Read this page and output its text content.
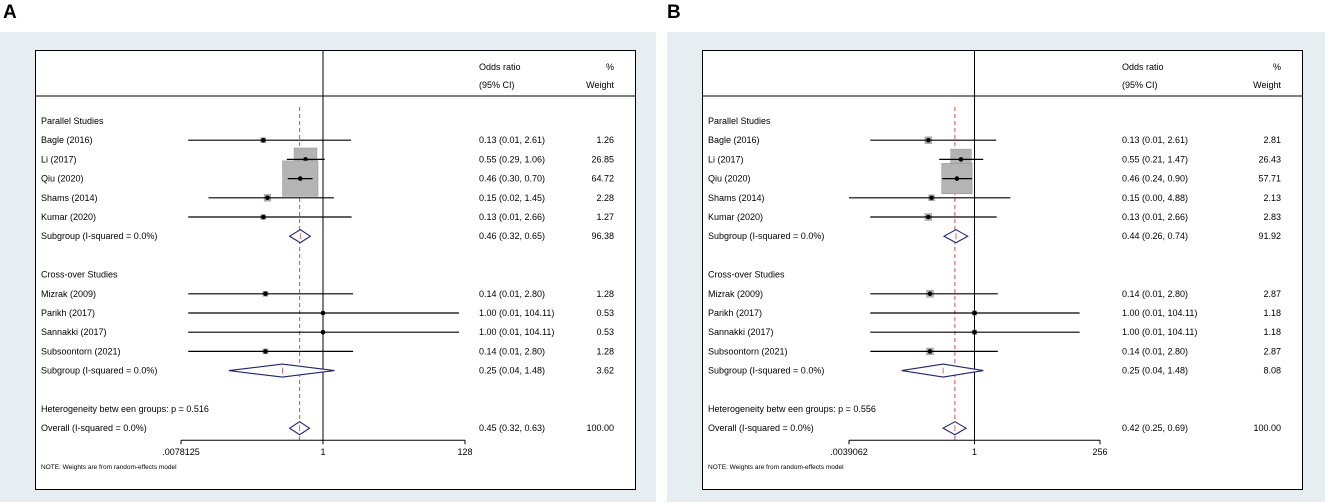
A
Odds ratio
(95% CI)
%
Weight
.0078125	1	128
NOTE: Weights are from random-effects model
Parallel Studies
Bagle (2016)	0.13 (0.01, 2.61)	1.26
Li (2017)	0.55 (0.29, 1.06)	26.85
Qiu (2020)	0.46 (0.30, 0.70)	64.72
Shams (2014)	0.15 (0.02, 1.45)	2.28
Kumar (2020)	0.13 (0.01, 2.66)	1.27
Subgroup (I-squared = 0.0%)	0.46 (0.32, 0.65)	96.38
Cross-over Studies
Mizrak (2009)	0.14 (0.01, 2.80)	1.28
Parikh (2017)	1.00 (0.01, 104.11)	0.53
Sannakki (2017)	1.00 (0.01, 104.11)	0.53
Subsoontorn (2021)	0.14 (0.01, 2.80)	1.28
Subgroup (I-squared = 0.0%)	0.25 (0.04, 1.48)	3.62
Heterogeneity betw een groups: p = 0.516
Overall (I-squared = 0.0%)	0.45 (0.32, 0.63)	100.00
B
Odds ratio
(95% CI)
%
Weight
.0039062	1	256
NOTE: Weights are from random-effects model
Parallel Studies
Bagle (2016)	0.13 (0.01, 2.61)	2.81
Li (2017)	0.55 (0.21, 1.47)	26.43
Qiu (2020)	0.46 (0.24, 0.90)	57.71
Shams (2014)	0.15 (0.00, 4.88)	2.13
Kumar (2020)	0.13 (0.01, 2.66)	2.83
Subgroup (I-squared = 0.0%)	0.44 (0.26, 0.74)	91.92
Cross-over Studies
Mizrak (2009)	0.14 (0.01, 2.80)	2.87
Parikh (2017)	1.00 (0.01, 104.11)	1.18
Sannakki (2017)	1.00 (0.01, 104.11)	1.18
Subsoontorn (2021)	0.14 (0.01, 2.80)	2.87
Subgroup (I-squared = 0.0%)	0.25 (0.04, 1.48)	8.08
Heterogeneity betw een groups: p = 0.556
Overall (I-squared = 0.0%)	0.42 (0.25, 0.69)	100.00
